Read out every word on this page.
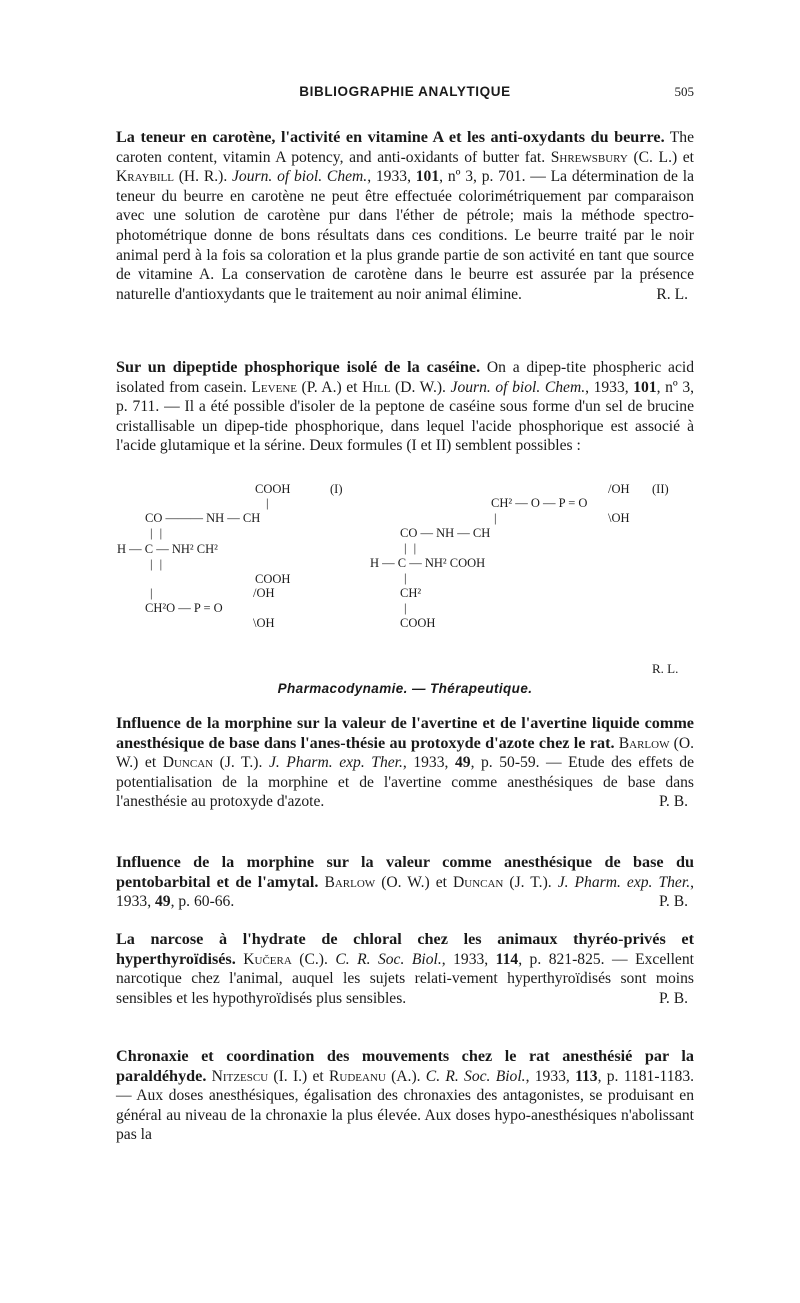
BIBLIOGRAPHIE ANALYTIQUE	505
La teneur en carotène, l'activité en vitamine A et les anti-oxydants du beurre. The caroten content, vitamin A potency, and anti-oxidants of butter fat. Shrewsbury (C. L.) et Kraybill (H. R.). Journ. of biol. Chem., 1933, 101, nº 3, p. 701. — La détermination de la teneur du beurre en carotène ne peut être effectuée colorimétriquement par comparaison avec une solution de carotène pur dans l'éther de pétrole; mais la méthode spectro-photométrique donne de bons résultats dans ces conditions. Le beurre traité par le noir animal perd à la fois sa coloration et la plus grande partie de son activité en tant que source de vitamine A. La conservation de carotène dans le beurre est assurée par la présence naturelle d'antioxydants que le traitement au noir animal élimine.	R. L.
Sur un dipeptide phosphorique isolé de la caséine. On a dipep-tite phospheric acid isolated from casein. Levene (P. A.) et Hill (D. W.). Journ. of biol. Chem., 1933, 101, nº 3, p. 711. — Il a été possible d'isoler de la peptone de caséine sous forme d'un sel de brucine cristallisable un dipep-tide phosphorique, dans lequel l'acide phosphorique est associé à l'acide glutamique et la sérine. Deux formules (I et II) semblent possibles :
COOH	(I)
|
CO ——— NH — CH
| |
H — C — NH² CH²
| |
COOH
|	/OH
CH²O — P = O
\OH
/OH (II)
CH² — O — P = O
|	\OH
CO — NH — CH
| |
H — C — NH² COOH
|
CH²
|
COOH
R. L.
Pharmacodynamie. — Thérapeutique.
Influence de la morphine sur la valeur de l'avertine et de l'avertine liquide comme anesthésique de base dans l'anes-thésie au protoxyde d'azote chez le rat. Barlow (O. W.) et Duncan (J. T.). J. Pharm. exp. Ther., 1933, 49, p. 50-59. — Etude des effets de potentialisation de la morphine et de l'avertine comme anesthésiques de base dans l'anesthésie au protoxyde d'azote.	P. B.
Influence de la morphine sur la valeur comme anesthésique de base du pentobarbital et de l'amytal. Barlow (O. W.) et Duncan (J. T.). J. Pharm. exp. Ther., 1933, 49, p. 60-66.	P. B.
La narcose à l'hydrate de chloral chez les animaux thyréo-privés et hyperthyroïdisés. Kučera (C.). C. R. Soc. Biol., 1933, 114, p. 821-825. — Excellent narcotique chez l'animal, auquel les sujets relati-vement hyperthyroïdisés sont moins sensibles et les hypothyroïdisés plus sensibles.	P. B.
Chronaxie et coordination des mouvements chez le rat anesthésié par la paraldéhyde. Nitzescu (I. I.) et Rudeanu (A.). C. R. Soc. Biol., 1933, 113, p. 1181-1183. — Aux doses anesthésiques, égalisation des chronaxies des antagonistes, se produisant en général au niveau de la chronaxie la plus élevée. Aux doses hypo-anesthésiques n'abolissant pas la
